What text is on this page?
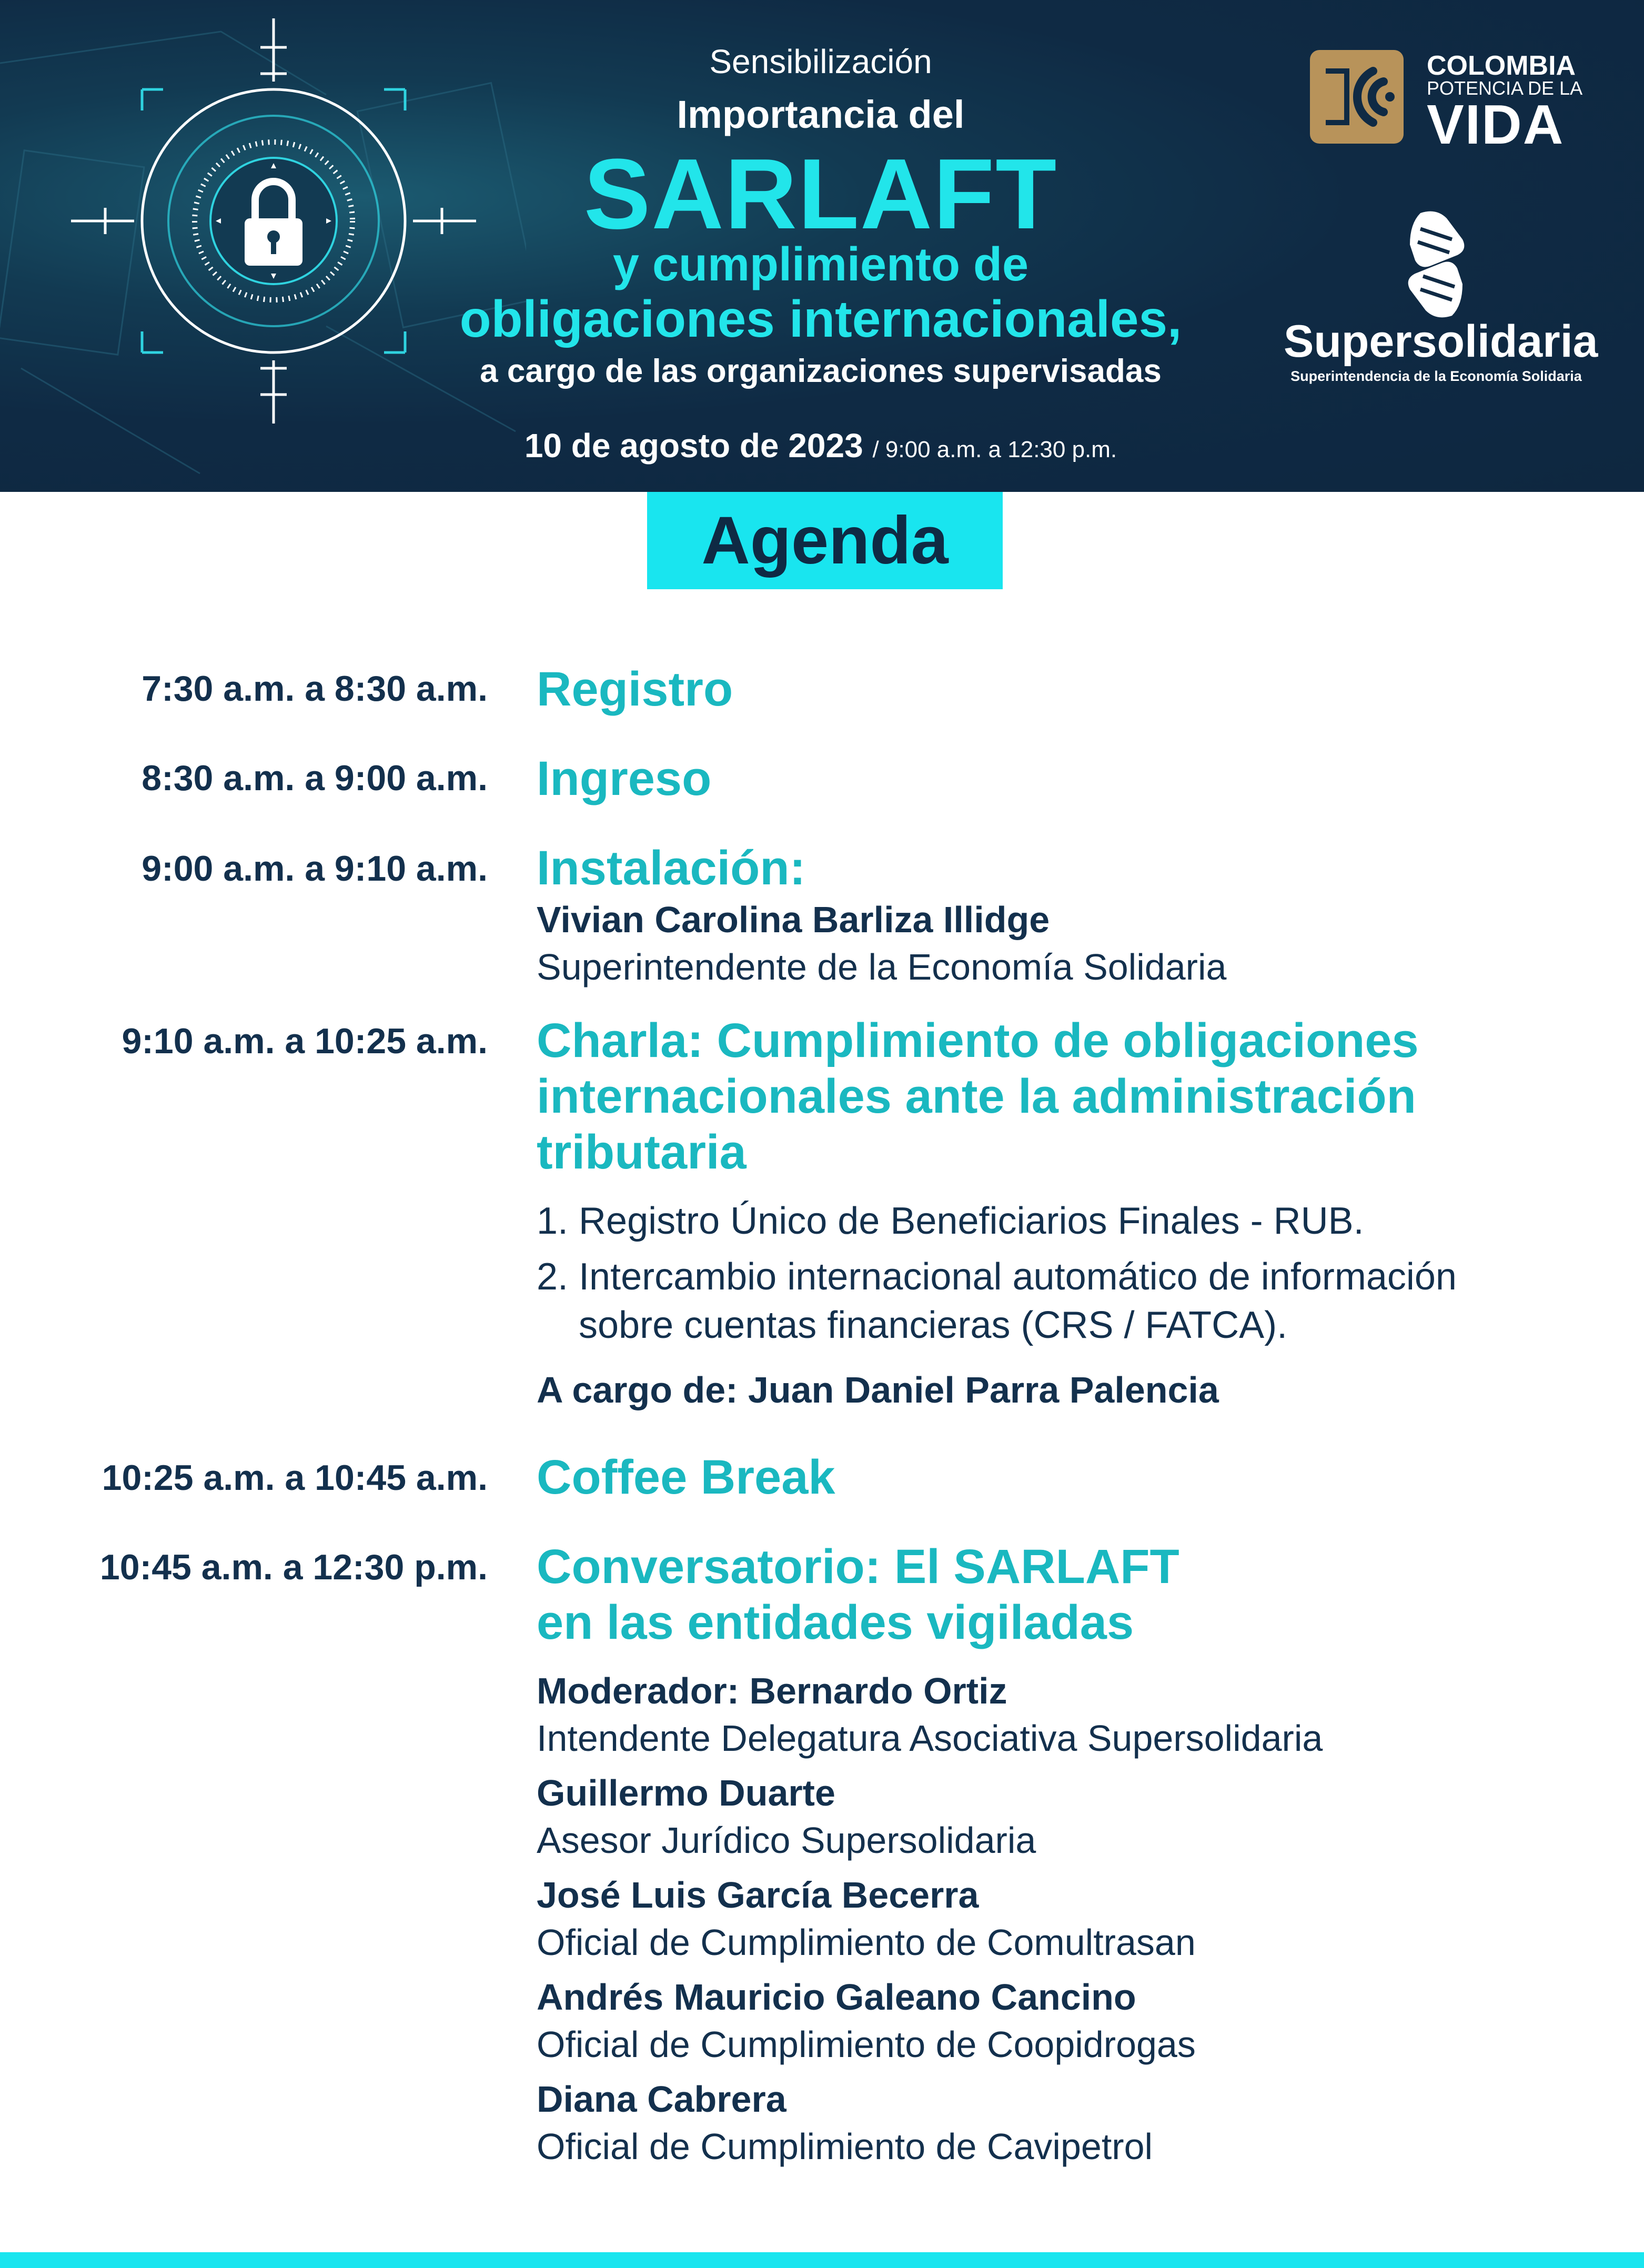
Sensibilización
Importancia del
SARLAFT
y cumplimiento de
obligaciones internacionales,
a cargo de las organizaciones supervisadas
10 de agosto de 2023 / 9:00 a.m. a 12:30 p.m.
COLOMBIA
POTENCIA DE LA
VIDA
Supersolidaria
Superintendencia de la Economía Solidaria
Agenda
7:30 a.m. a 8:30 a.m. Registro
8:30 a.m. a 9:00 a.m. Ingreso
9:00 a.m. a 9:10 a.m. Instalación:
Vivian Carolina Barliza Illidge
Superintendente de la Economía Solidaria
9:10 a.m. a 10:25 a.m. Charla: Cumplimiento de obligaciones
internacionales ante la administración
tributaria
1. Registro Único de Beneficiarios Finales - RUB.
2. Intercambio internacional automático de información
sobre cuentas financieras (CRS / FATCA).
A cargo de: Juan Daniel Parra Palencia
10:25 a.m. a 10:45 a.m. Coffee Break
10:45 a.m. a 12:30 p.m. Conversatorio: El SARLAFT
en las entidades vigiladas
Moderador: Bernardo Ortiz
Intendente Delegatura Asociativa Supersolidaria
Guillermo Duarte
Asesor Jurídico Supersolidaria
José Luis García Becerra
Oficial de Cumplimiento de Comultrasan
Andrés Mauricio Galeano Cancino
Oficial de Cumplimiento de Coopidrogas
Diana Cabrera
Oficial de Cumplimiento de Cavipetrol
